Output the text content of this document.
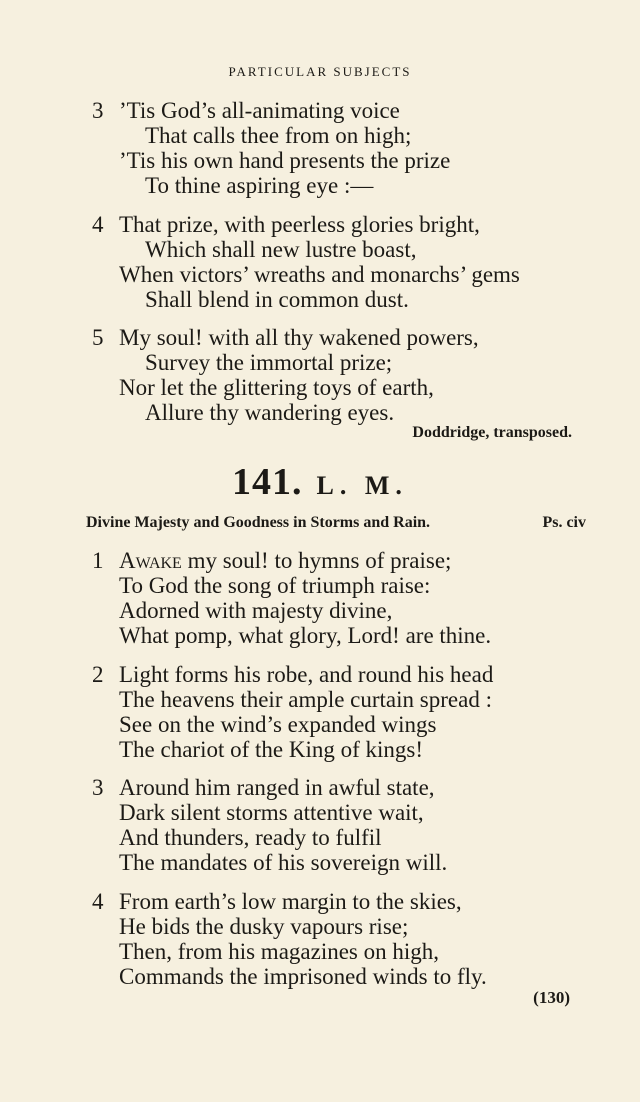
PARTICULAR SUBJECTS
3 ’Tis God’s all-animating voice
That calls thee from on high;
’Tis his own hand presents the prize
To thine aspiring eye :—
4 That prize, with peerless glories bright,
Which shall new lustre boast,
When victors’ wreaths and monarchs’ gems
Shall blend in common dust.
5 My soul! with all thy wakened powers,
Survey the immortal prize;
Nor let the glittering toys of earth,
Allure thy wandering eyes.
Doddridge, transposed.
141. L. M.
Divine Majesty and Goodness in Storms and Rain.	Ps. civ
1 Awake my soul! to hymns of praise;
To God the song of triumph raise:
Adorned with majesty divine,
What pomp, what glory, Lord! are thine.
2 Light forms his robe, and round his head
The heavens their ample curtain spread :
See on the wind’s expanded wings
The chariot of the King of kings!
3 Around him ranged in awful state,
Dark silent storms attentive wait,
And thunders, ready to fulfil
The mandates of his sovereign will.
4 From earth’s low margin to the skies,
He bids the dusky vapours rise;
Then, from his magazines on high,
Commands the imprisoned winds to fly.
(130)
